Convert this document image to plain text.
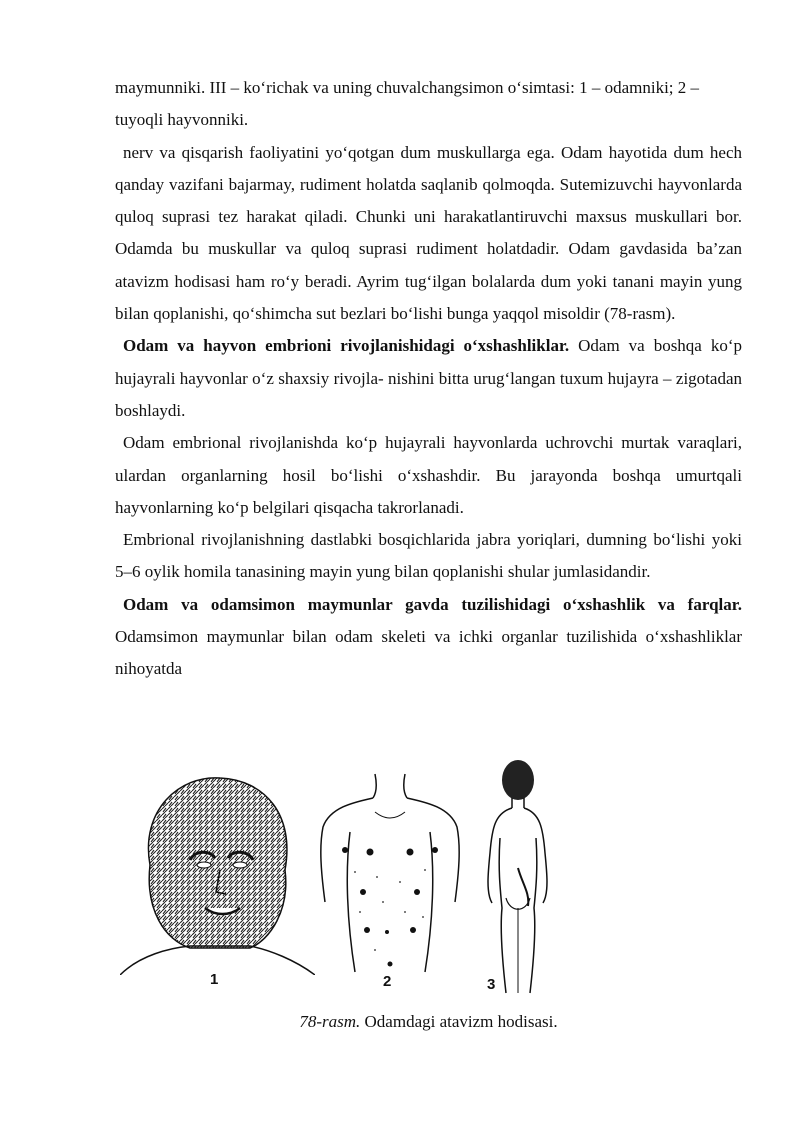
maymunniki. III – ko‘richak va uning chuvalchangsimon o‘simtasi: 1 – odamniki; 2 – tuyoqli hayvonniki.

nerv va qisqarish faoliyatini yo‘qotgan dum muskullarga ega. Odam hayotida dum hech qanday vazifani bajarmay, rudiment holatda saqlanib qolmoqda. Sutemizuvchi hayvonlarda quloq suprasi tez harakat qiladi. Chunki uni harakatlantiruvchi maxsus muskullari bor. Odamda bu muskullar va quloq suprasi rudiment holatdadir. Odam gavdasida ba’zan atavizm hodisasi ham ro‘y beradi. Ayrim tug‘ilgan bolalarda dum yoki tanani mayin yung bilan qoplanishi, qo‘shimcha sut bezlari bo‘lishi bunga yaqqol misoldir (78-rasm).

Odam va hayvon embrioni rivojlanishidagi o‘xshashliklar. Odam va boshqa ko‘p hujayrali hayvonlar o‘z shaxsiy rivojla- nishini bitta urug‘langan tuxum hujayra – zigotadan boshlaydi.

Odam embrional rivojlanishda ko‘p hujayrali hayvonlarda uchrovchi murtak varaqlari, ulardan organlarning hosil bo‘lishi o‘xshashdir. Bu jarayonda boshqa umurtqali hayvonlarning ko‘p belgilari qisqacha takrorlanadi.

Embrional rivojlanishning dastlabki bosqichlarida jabra yoriqlari, dumning bo‘lishi yoki 5–6 oylik homila tanasining mayin yung bilan qoplanishi shular jumlasidandir.

Odam va odamsimon maymunlar gavda tuzilishidagi o‘xshashlik va farqlar. Odamsimon maymunlar bilan odam skeleti va ichki organlar tuzilishida o‘xshashliklar nihoyatda

1	2	3
78-rasm. Odamdagi atavizm hodisasi.
